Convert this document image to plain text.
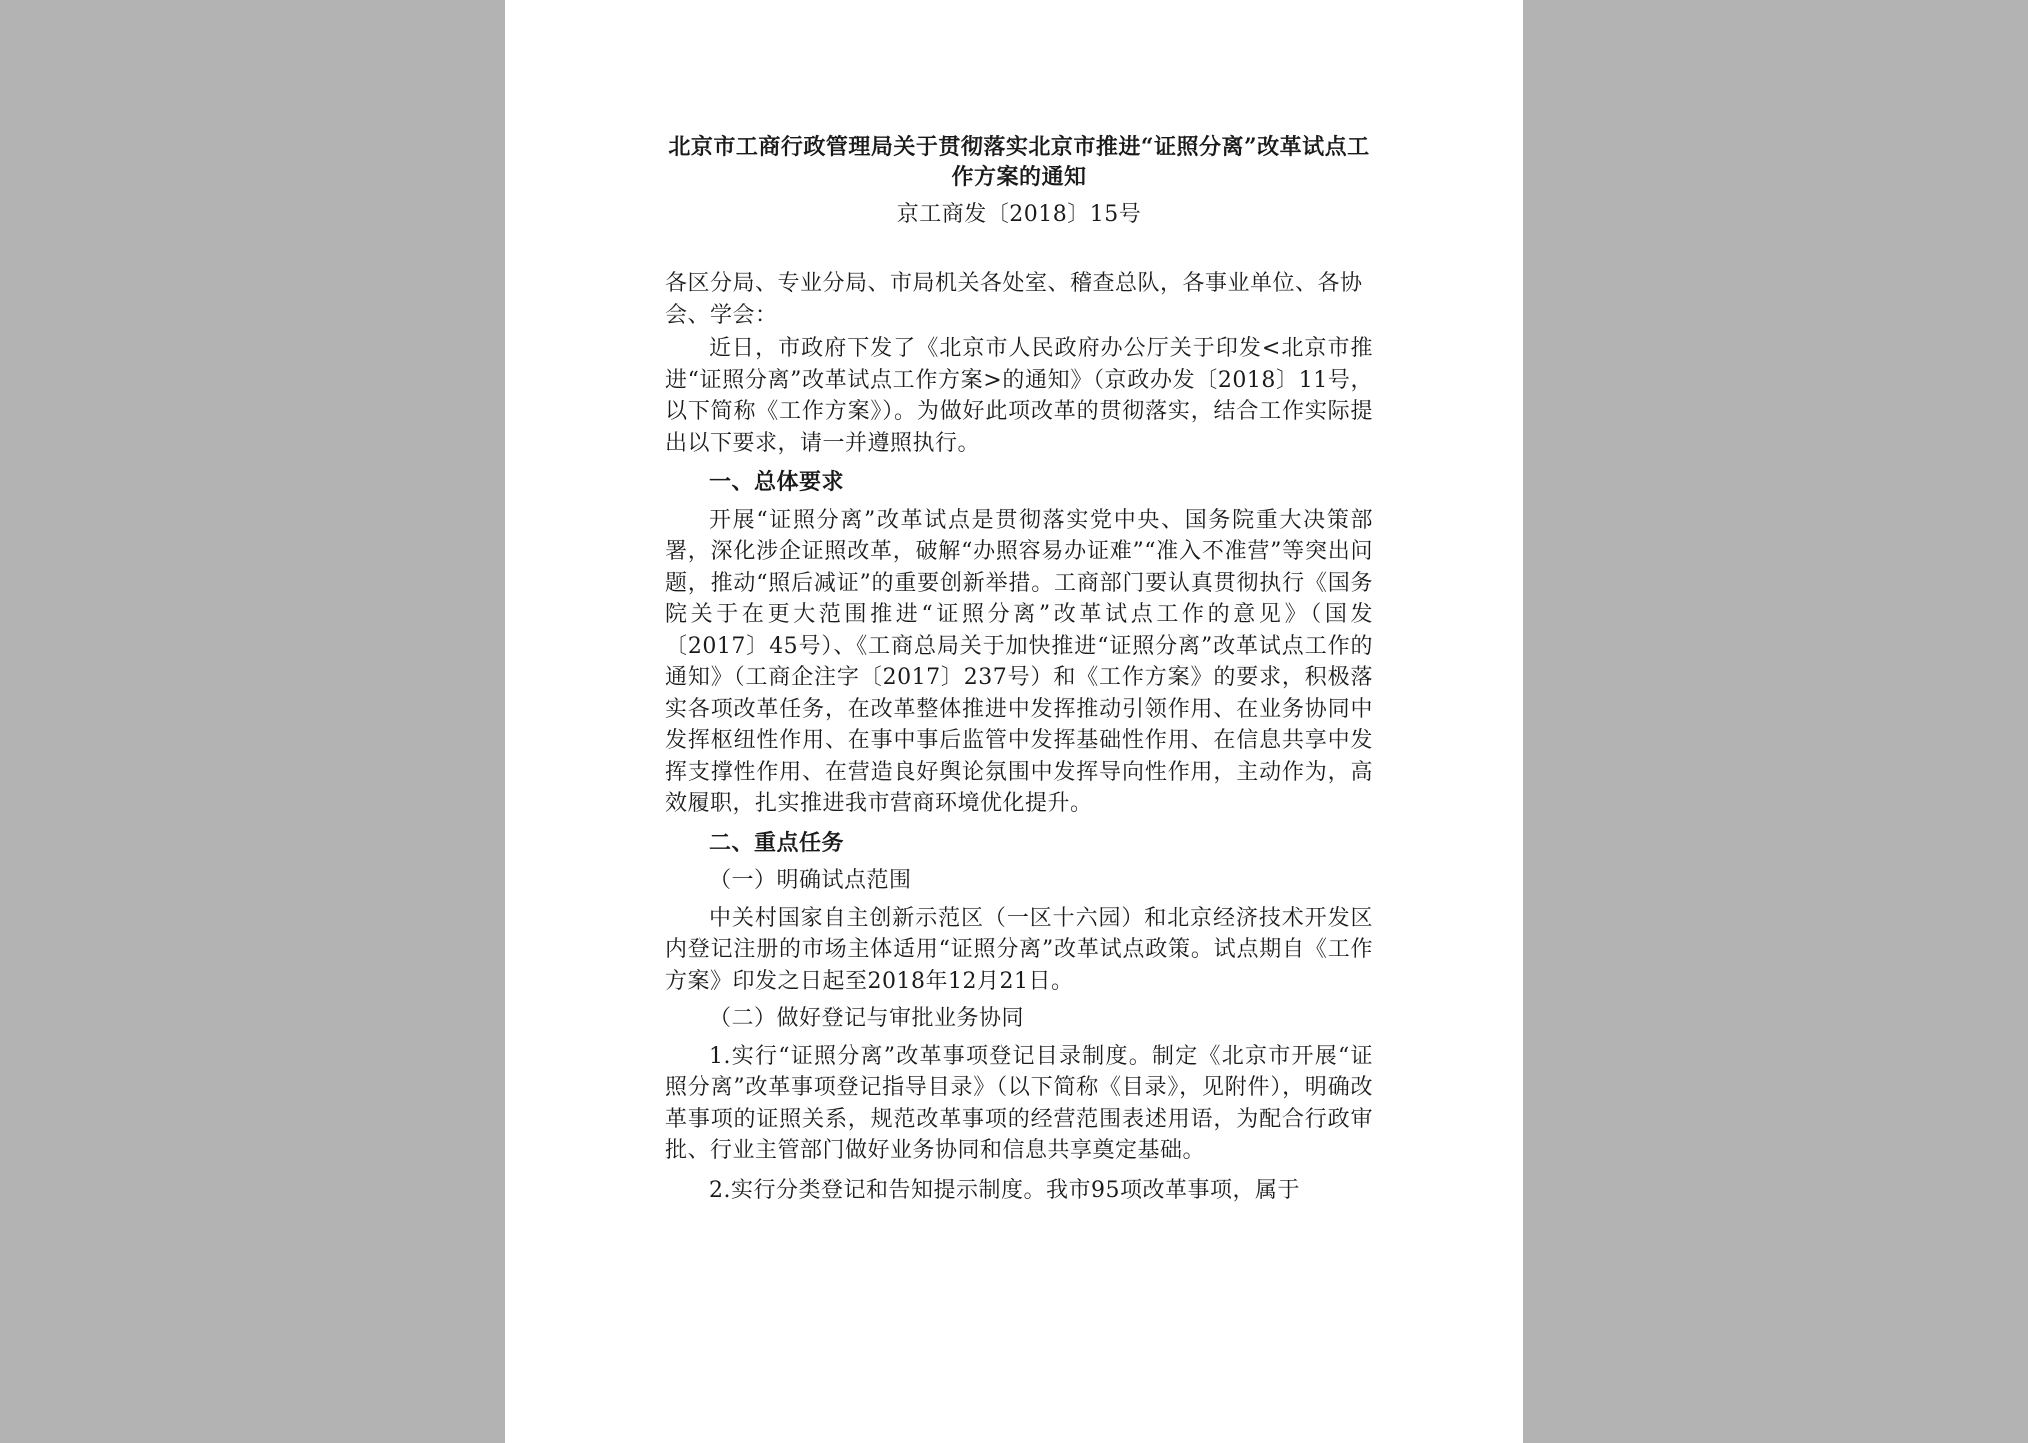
北京市工商行政管理局关于贯彻落实北京市推进“证照分离”改革试点工作方案的通知
京工商发〔2018〕15号

各区分局、专业分局、市局机关各处室、稽查总队，各事业单位、各协会、学会：

近日，市政府下发了《北京市人民政府办公厅关于印发<北京市推进“证照分离”改革试点工作方案>的通知》（京政办发〔2018〕11号，以下简称《工作方案》）。为做好此项改革的贯彻落实，结合工作实际提出以下要求，请一并遵照执行。

一、总体要求

开展“证照分离”改革试点是贯彻落实党中央、国务院重大决策部署，深化涉企证照改革，破解“办照容易办证难”“准入不准营”等突出问题，推动“照后减证”的重要创新举措。工商部门要认真贯彻执行《国务院关于在更大范围推进“证照分离”改革试点工作的意见》（国发〔2017〕45号）、《工商总局关于加快推进“证照分离”改革试点工作的通知》（工商企注字〔2017〕237号）和《工作方案》的要求，积极落实各项改革任务，在改革整体推进中发挥推动引领作用、在业务协同中发挥枢纽性作用、在事中事后监管中发挥基础性作用、在信息共享中发挥支撑性作用、在营造良好舆论氛围中发挥导向性作用，主动作为，高效履职，扎实推进我市营商环境优化提升。

二、重点任务

（一）明确试点范围

中关村国家自主创新示范区（一区十六园）和北京经济技术开发区内登记注册的市场主体适用“证照分离”改革试点政策。试点期自《工作方案》印发之日起至2018年12月21日。

（二）做好登记与审批业务协同

1.实行“证照分离”改革事项登记目录制度。制定《北京市开展“证照分离”改革事项登记指导目录》（以下简称《目录》，见附件），明确改革事项的证照关系，规范改革事项的经营范围表述用语，为配合行政审批、行业主管部门做好业务协同和信息共享奠定基础。

2.实行分类登记和告知提示制度。我市95项改革事项，属于
